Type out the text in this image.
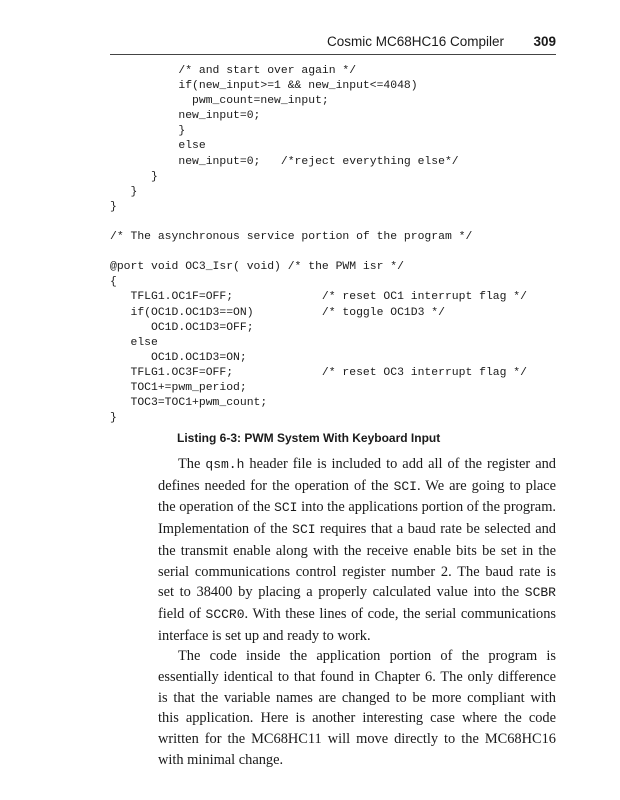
Cosmic MC68HC16 Compiler 309
/* and start over again */
if(new_input>=1 && new_input<=4048)
pwm_count=new_input;
new_input=0;
}
else
new_input=0;   /*reject everything else*/
}
}
}
/* The asynchronous service portion of the program */
@port void OC3_Isr( void) /* the PWM isr */
{
TFLG1.OC1F=OFF;             /* reset OC1 interrupt flag */
if(OC1D.OC1D3==ON)          /* toggle OC1D3 */
OC1D.OC1D3=OFF;
else
OC1D.OC1D3=ON;
TFLG1.OC3F=OFF;             /* reset OC3 interrupt flag */
TOC1+=pwm_period;
TOC3=TOC1+pwm_count;
}
Listing 6-3: PWM System With Keyboard Input

The qsm.h header file is included to add all of the register and defines needed for the operation of the SCI. We are going to place the operation of the SCI into the applications portion of the program. Implementation of the SCI requires that a baud rate be selected and the transmit enable along with the receive enable bits be set in the serial communications control register number 2. The baud rate is set to 38400 by placing a properly calculated value into the SCBR field of SCCR0. With these lines of code, the serial communications interface is set up and ready to work.

The code inside the application portion of the program is essentially identical to that found in Chapter 6. The only difference is that the variable names are changed to be more compliant with this application. Here is another interesting case where the code written for the MC68HC11 will move directly to the MC68HC16 with minimal change.
